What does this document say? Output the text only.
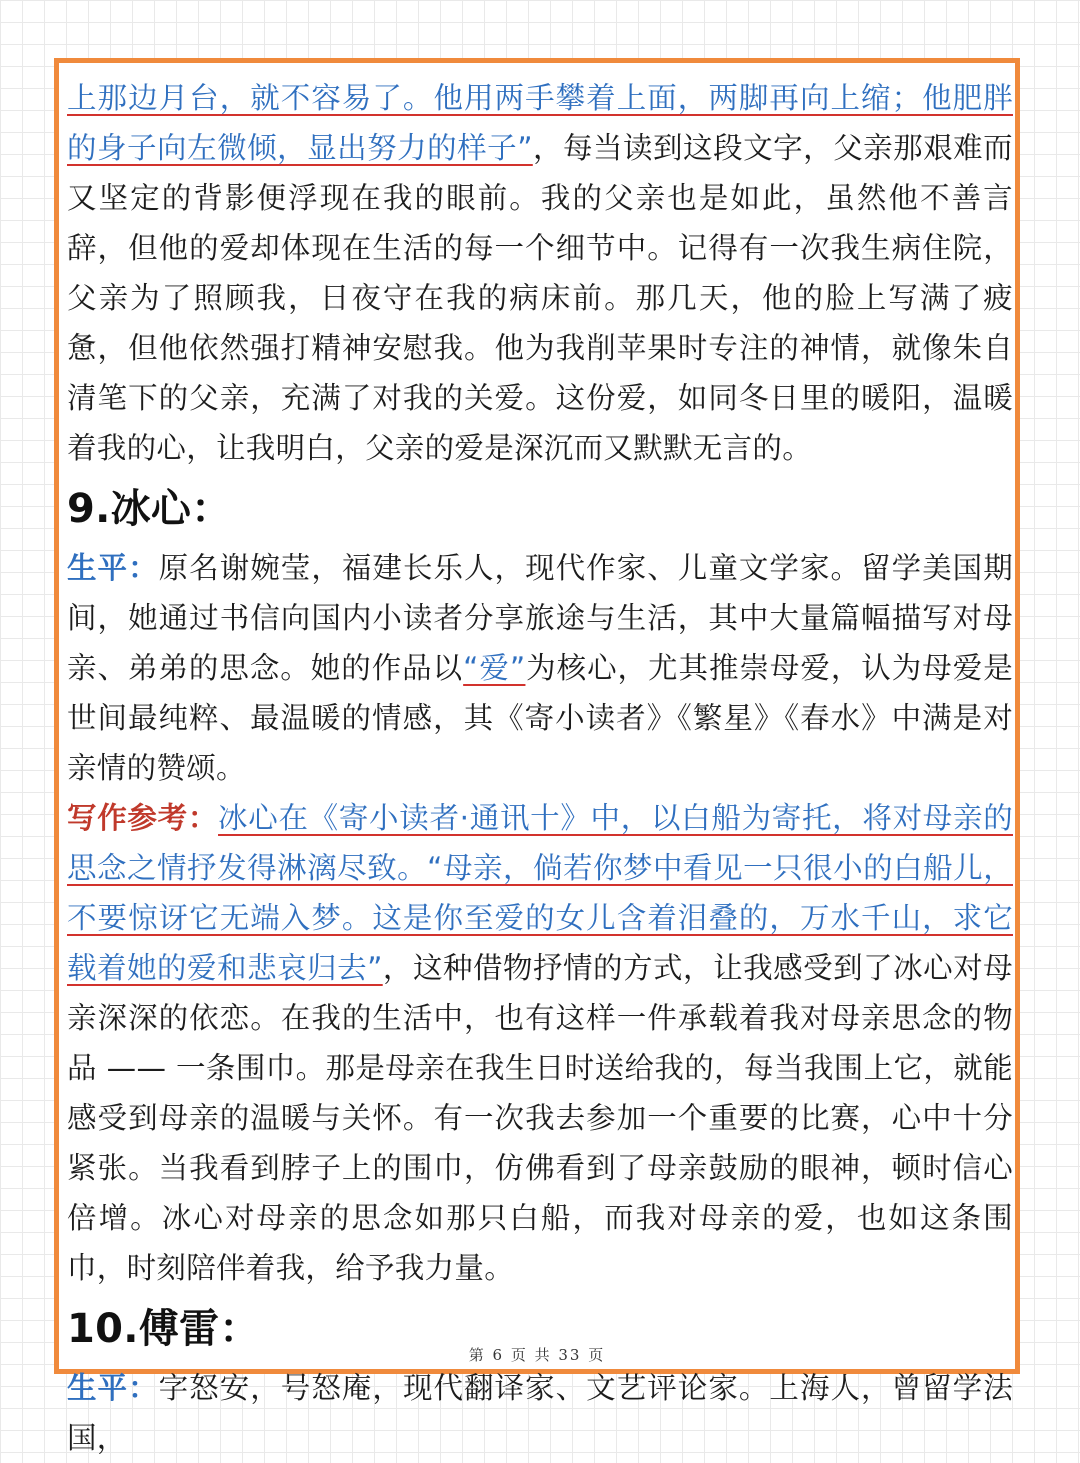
上那边月台，就不容易了。他用两手攀着上面，两脚再向上缩；他肥胖的身子向左微倾，显出努力的样子”，每当读到这段文字，父亲那艰难而又坚定的背影便浮现在我的眼前。我的父亲也是如此，虽然他不善言辞，但他的爱却体现在生活的每一个细节中。记得有一次我生病住院，父亲为了照顾我，日夜守在我的病床前。那几天，他的脸上写满了疲惫，但他依然强打精神安慰我。他为我削苹果时专注的神情，就像朱自清笔下的父亲，充满了对我的关爱。这份爱，如同冬日里的暖阳，温暖着我的心，让我明白，父亲的爱是深沉而又默默无言的。

9.冰心：

生平：原名谢婉莹，福建长乐人，现代作家、儿童文学家。留学美国期间，她通过书信向国内小读者分享旅途与生活，其中大量篇幅描写对母亲、弟弟的思念。她的作品以“爱”为核心，尤其推崇母爱，认为母爱是世间最纯粹、最温暖的情感，其《寄小读者》《繁星》《春水》中满是对亲情的赞颂。

写作参考：冰心在《寄小读者·通讯十》中，以白船为寄托，将对母亲的思念之情抒发得淋漓尽致。“母亲，倘若你梦中看见一只很小的白船儿，不要惊讶它无端入梦。这是你至爱的女儿含着泪叠的，万水千山，求它载着她的爱和悲哀归去”，这种借物抒情的方式，让我感受到了冰心对母亲深深的依恋。在我的生活中，也有这样一件承载着我对母亲思念的物品 —— 一条围巾。那是母亲在我生日时送给我的，每当我围上它，就能感受到母亲的温暖与关怀。有一次我去参加一个重要的比赛，心中十分紧张。当我看到脖子上的围巾，仿佛看到了母亲鼓励的眼神，顿时信心倍增。冰心对母亲的思念如那只白船，而我对母亲的爱，也如这条围巾，时刻陪伴着我，给予我力量。

10.傅雷：

生平：字怒安，号怒庵，现代翻译家、文艺评论家。上海人，曾留学法国，

第 6 页 共 33 页
